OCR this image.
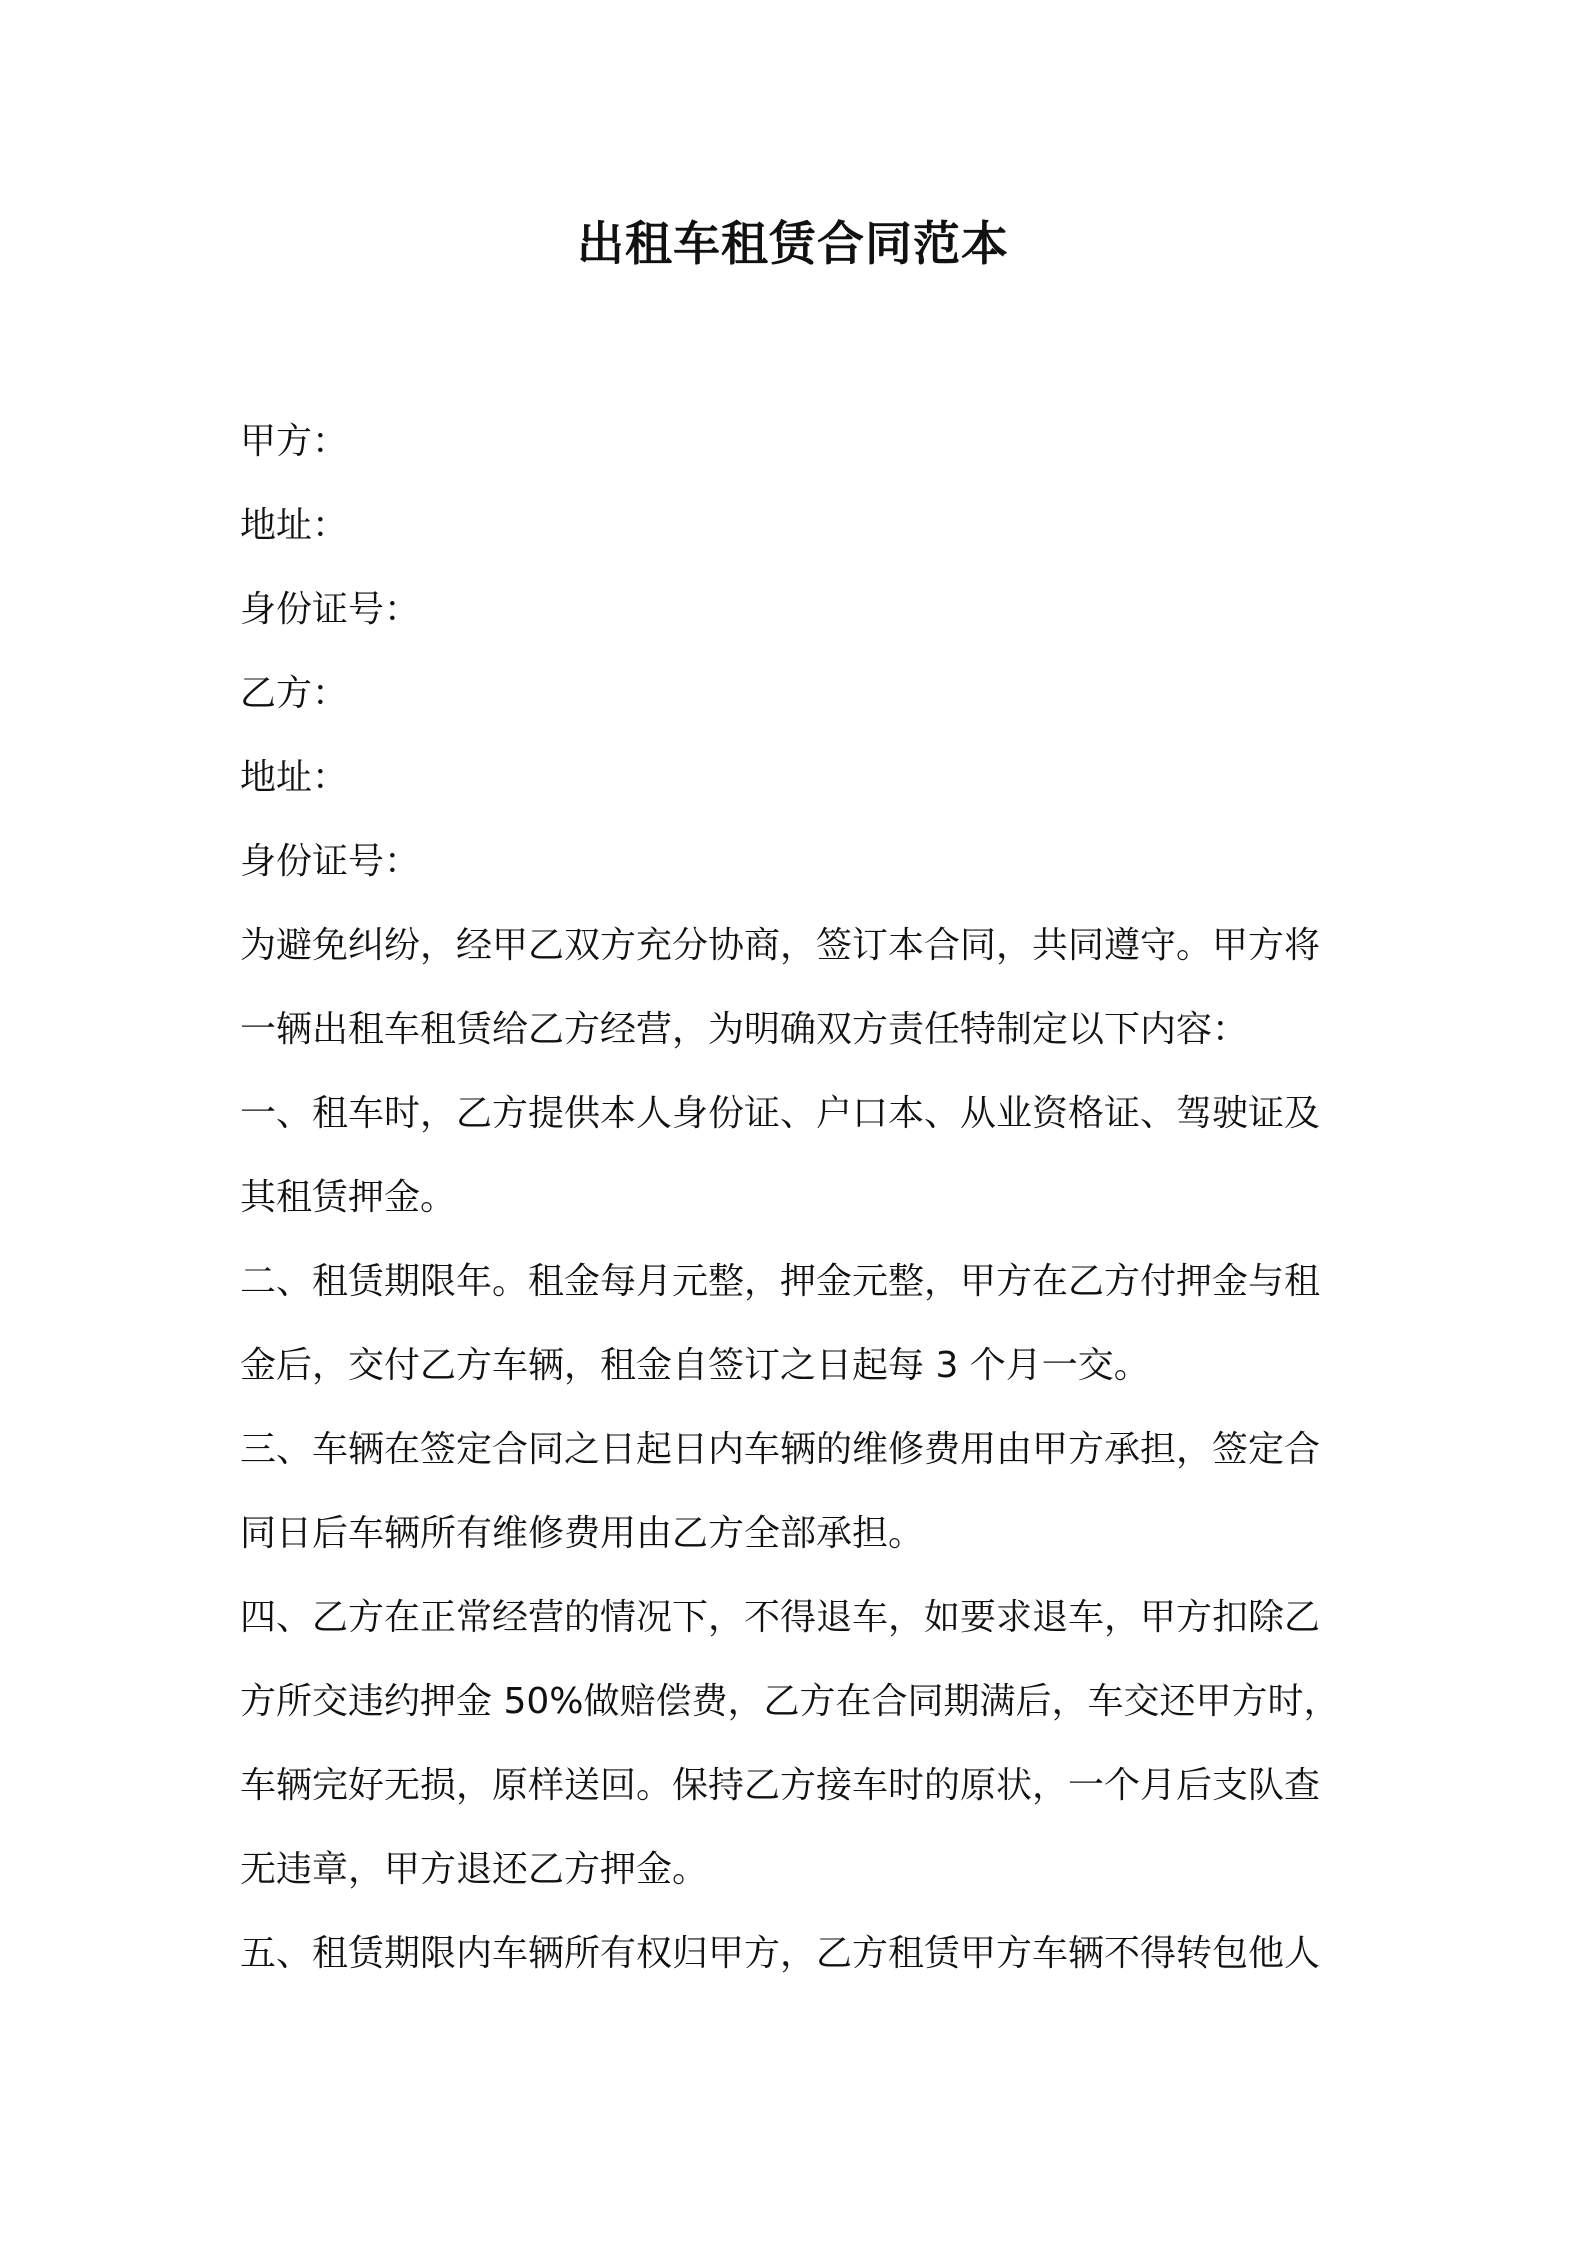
出租车租赁合同范本
甲方：
地址：
身份证号：
乙方：
地址：
身份证号：
为避免纠纷，经甲乙双方充分协商，签订本合同，共同遵守。甲方将
一辆出租车租赁给乙方经营，为明确双方责任特制定以下内容：
一、租车时，乙方提供本人身份证、户口本、从业资格证、驾驶证及
其租赁押金。
二、租赁期限年。租金每月元整，押金元整，甲方在乙方付押金与租
金后，交付乙方车辆，租金自签订之日起每 3 个月一交。
三、车辆在签定合同之日起日内车辆的维修费用由甲方承担，签定合
同日后车辆所有维修费用由乙方全部承担。
四、乙方在正常经营的情况下，不得退车，如要求退车，甲方扣除乙
方所交违约押金 50%做赔偿费，乙方在合同期满后，车交还甲方时，
车辆完好无损，原样送回。保持乙方接车时的原状，一个月后支队查
无违章，甲方退还乙方押金。
五、租赁期限内车辆所有权归甲方，乙方租赁甲方车辆不得转包他人
